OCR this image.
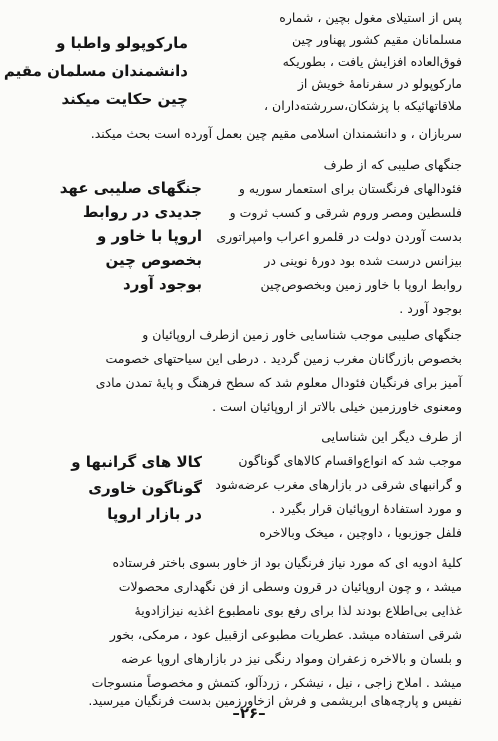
پس از استیلای مغول بچین ، شماره
مسلمانان مقیم کشور پهناور چین
فوق‌العاده افزایش یافت ، بطوریکه
مارکوپولو در سفرنامهٔ خویش از
ملاقاتهائیکه با پزشکان،سررشته‌داران ،
سربازان ، و دانشمندان اسلامی مقیم چین بعمل آورده است بحث میکند.
مارکوپولو واطبا و
دانشمندان مسلمان مقیم
چین حکایت میکند
جنگهای صلیبی که از طرف
فئودالهای فرنگستان برای استعمار سوریه و
فلسطین ومصر وروم شرقی و کسب ثروت و
بدست آوردن دولت در قلمرو اعراب وامپراتوری
بیزانس درست شده بود دورهٔ نوینی در
روابط اروپا با خاور زمین وبخصوص‌چین
بوجود آورد .
جنگهای صلیبی عهد
جدیدی در روابط
اروپا با خاور و
بخصوص چین
بوجود آورد
جنگهای صلیبی موجب شناسایی خاور زمین ازطرف اروپائیان و
بخصوص بازرگانان مغرب زمین گردید . درطی این سیاحتهای خصومت
آمیز برای فرنگیان فئودال معلوم شد که سطح فرهنگ و پایهٔ تمدن مادی
ومعنوی خاورزمین خیلی بالاتر از اروپائیان است .
از طرف دیگر این شناسایی
موجب شد که انواع‌واقسام کالاهای گوناگون
و گرانبهای شرقی در بازارهای مغرب عرضه‌شود
و مورد استفادهٔ اروپائیان قرار بگیرد .
فلفل‌ جوزبویا ، داوچین ، میخک وبالاخره
کالا های گرانبها و
گوناگون خاوری
در بازار اروپا
کلیهٔ ادویه ای که مورد نیاز فرنگیان بود از خاور بسوی باختر فرستاده
میشد ، و چون اروپائیان در قرون وسطی از فن نگهداری محصولات
غذایی بی‌اطلاع بودند لذا برای رفع بوی نامطبوع اغذیه نیزازادویهٔ
شرقی استفاده میشد. عطریات مطبوعی ازقبیل عود ، مرمکی، بخور
و بلسان و بالاخره زعفران ومواد رنگی نیز در بازارهای اروپا عرضه
میشد . املاح زاجی ، نیل ، نیشکر ، زردآلو، کتمش و مخصوصاً منسوجات
نفیس و پارچه‌های ابریشمی و فرش ازخاورزمین بدست فرنگیان میرسید.
–۲۶–
